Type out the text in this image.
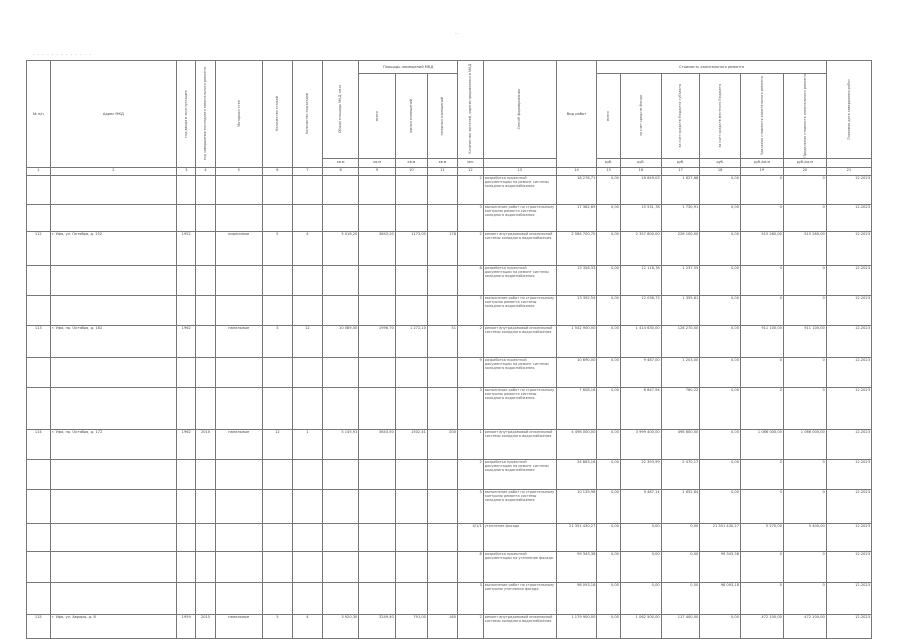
..
- - - - - - - - - - - - -
№ п/п	Адрес МКД	год ввода в эксплуатацию	год завершения последнего капитального ремонта	Материал стен	Количество этажей	Количество подъездов	Общая площадь МКД, кв.м	Площадь помещений МКД			Количество жителей, зарегистрированных в МКД	Способ формирования	Вид работ	Стоимость капитального ремонта						Плановая дата завершения работ

								всего	жилых помещений	нежилых помещений				всего	за счет средств Фонда	за счет средств бюджета субъекта	за счет средств местного бюджета	Удельная стоимость капитального ремонта	Предельная стоимость капитального ремонта	

							кв.м	кв.м	кв.м	кв.м	чел.			руб.	руб.	руб.	руб.	руб./кв.м	руб./кв.м	
1	2	3	4	5	6	7	8	9	10	11	12	13	14	15	16	17	18	19	20	21
											2	разработка проектной документации на ремонт системы холодного водоснабжения	18 276,71	0,00	16 649,03	1 627,68	0,00	0	0	12.2023
											3	выполнение работ по строительному контролю ремонта системы холодного водоснабжения	17 362,69	0,00	15 531,78	1 730,91	0,00	0	0	12.2023
112	г. Уфа, ул. Октября, д. 152	1952		кирпичные	5	4	5 016,20	3843,20	1173,00	178	2	ремонт внутридомовой инженерной системы холодного водоснабжения	2 584 700,70	0,00	2 357 600,00	226 100,00	0,00	515 260,00	515 260,00	12.2023
											8	разработка проектной документации на ремонт системы холодного водоснабжения	13 356,33	0,00	12 118,78	1 237,55	0,00	0	0	12.2023
											3	выполнение работ по строительному контролю ремонта системы холодного водоснабжения	13 392,54	0,00	12 036,73	1 355,81	0,00	0	0	12.2023
113	г. Уфа, пр. Октября, д. 162	1962		панельные	5	12	10 089,00	1996,70	1 272,10	51	2	ремонт внутридомовой инженерной системы холодного водоснабжения	1 542 900,00	0,00	1 414 630,00	128 270,00	0,00	911 100,00	911 100,00	12.2023
											9	разработка проектной документации на ремонт системы холодного водоснабжения	10 690,00	0,00	9 487,00	1 203,00	0,00	0	0	12.2023
											3	выполнение работ по строительному контролю ремонта системы холодного водоснабжения	7 608,16	0,00	6 847,94	760,22	0,00	0	0	12.2023
114	г. Уфа, пр. Октября, д. 172	1962	2010	панельные	12	1	5 145,91	3643,50	1502,41	200	1	ремонт внутридомовой инженерной системы холодного водоснабжения	4 496 000,00	0,00	3 999 400,00	496 600,00	0,00	1 066 000,00	1 066 000,00	12.2023
											2	разработка проектной документации на ремонт системы холодного водоснабжения	24 863,16	0,00	22 393,99	2 470,17	0,00	0	0	12.2023
											3	выполнение работ по строительному контролю ремонта системы холодного водоснабжения	10 139,98	0,00	9 487,14	1 652,84	0,00	0	0	12.2023
											4/1/1	утепление фасада	21 351 430,27	0,00	0,00	0,00	21 351 430,27	5 270,00	5 400,00	12.2023
											8	разработка проектной документации на утепление фасада	99 343,38	0,00	0,00	0,00	99 343,38	0	0	12.2023
											3	выполнение работ по строительному контролю утепления фасада	98 093,18	0,00	0,00	0,00	98 093,18	0	0	12.2023
115	г. Уфа, ул. Авроры, д. 8	1959	2015	панельные	5	4	3 920,30	3249,40	791,00	160	2	ремонт внутридомовой инженерной системы холодного водоснабжения	1 179 900,00	0,00	1 062 500,00	117 400,00	0,00	472 100,00	472 100,00	12.2023
